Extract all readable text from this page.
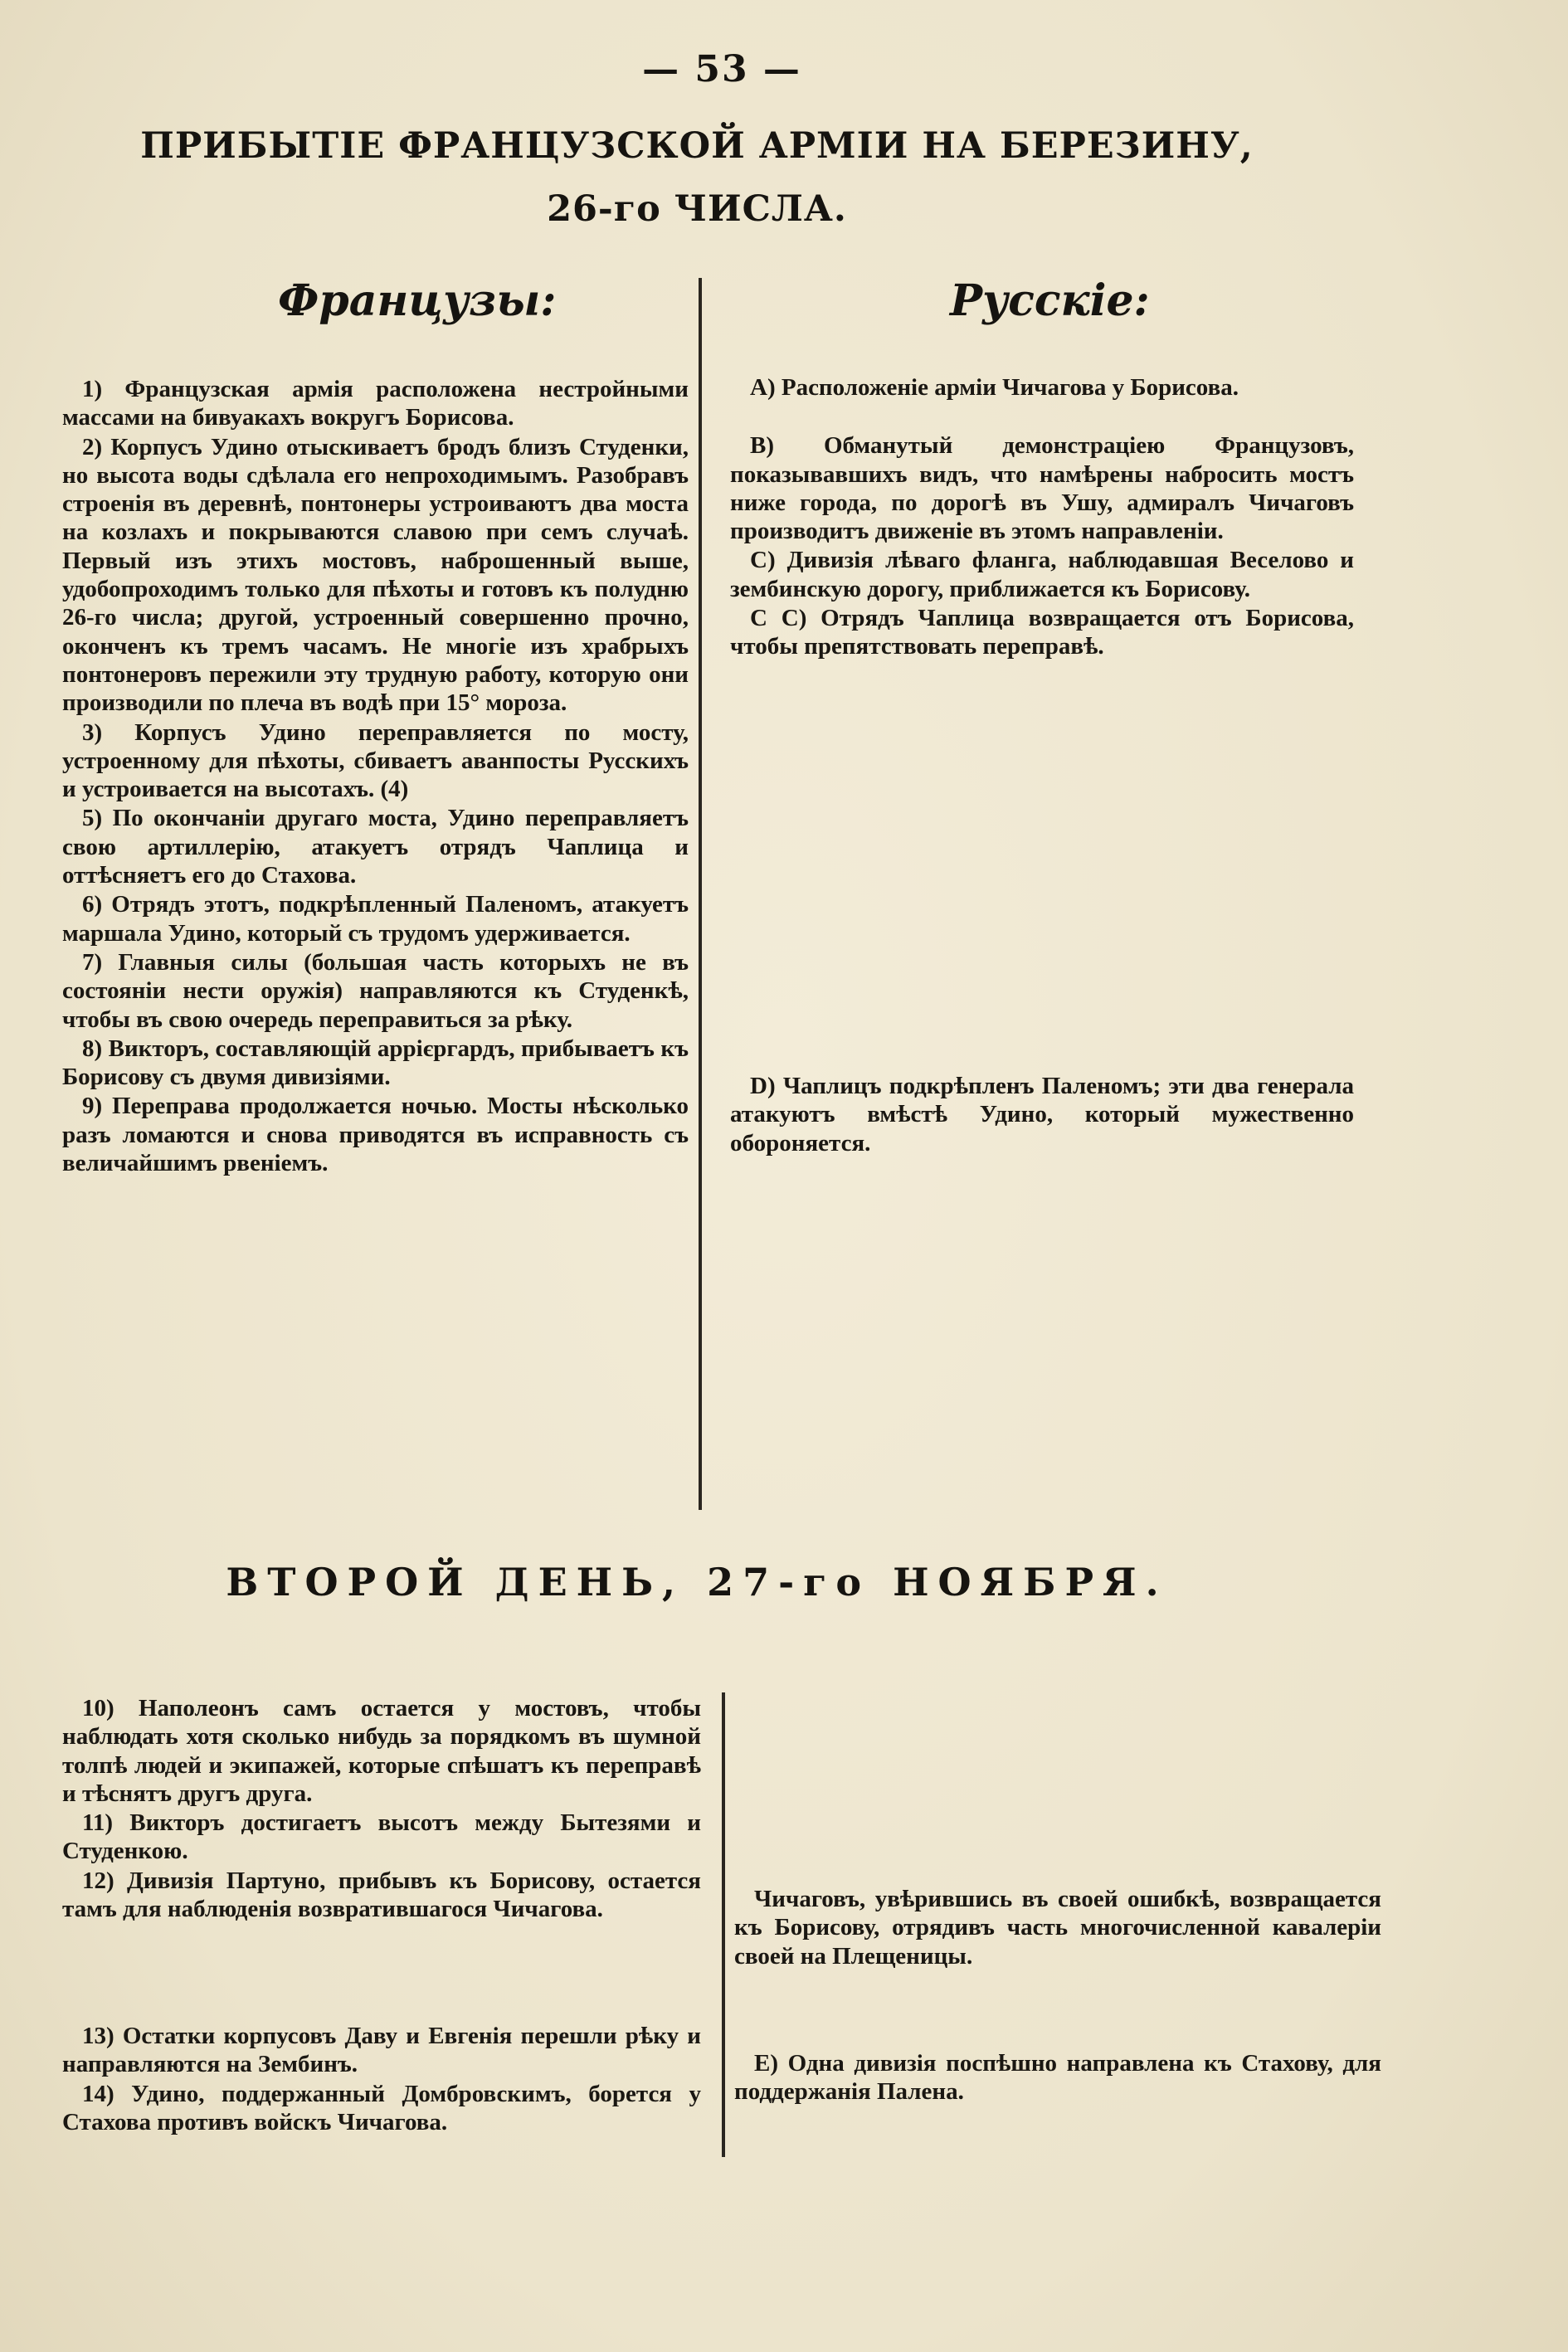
— 53 —
ПРИБЫТІЕ ФРАНЦУЗСКОЙ АРМІИ НА БЕРЕЗИНУ, 26-го ЧИСЛА.
Французы:	Русскіе:

1) Французская армія расположена нестройными массами на бивуакахъ вокругъ Борисова.

2) Корпусъ Удино отыскиваетъ бродъ близъ Студенки, но высота воды сдѣлала его непроходимымъ. Разобравъ строенія въ деревнѣ, понтонеры устроиваютъ два моста на козлахъ и покрываются славою при семъ случаѣ. Первый изъ этихъ мостовъ, наброшенный выше, удобопроходимъ только для пѣхоты и готовъ къ полудню 26-го числа; другой, устроенный совершенно прочно, оконченъ къ тремъ часамъ. Не многіе изъ храбрыхъ понтонеровъ пережили эту трудную работу, которую они производили по плеча въ водѣ при 15° мороза.

3) Корпусъ Удино переправляется по мосту, устроенному для пѣхоты, сбиваетъ аванпосты Русскихъ и устроивается на высотахъ. (4)

5) По окончаніи другаго моста, Удино переправляетъ свою артиллерію, атакуетъ отрядъ Чаплица и оттѣсняетъ его до Стахова.

6) Отрядъ этотъ, подкрѣпленный Паленомъ, атакуетъ маршала Удино, который съ трудомъ удерживается.

7) Главныя силы (большая часть которыхъ не въ состояніи нести оружія) направляются къ Студенкѣ, чтобы въ свою очередь переправиться за рѣку.

8) Викторъ, составляющій аррієргардъ, прибываетъ къ Борисову съ двумя дивизіями.

9) Переправа продолжается ночью. Мосты нѣсколько разъ ломаются и снова приводятся въ исправность съ величайшимъ рвеніемъ.

A) Расположеніе арміи Чичагова у Борисова.

B) Обманутый демонстраціею Французовъ, показывавшихъ видъ, что намѣрены набросить мостъ ниже города, по дорогѣ въ Ушу, адмиралъ Чичаговъ производитъ движеніе въ этомъ направленіи.

C) Дивизія лѣваго фланга, наблюдавшая Веселово и зембинскую дорогу, приближается къ Борисову.

C C) Отрядъ Чаплица возвращается отъ Борисова, чтобы препятствовать переправѣ.

D) Чаплицъ подкрѣпленъ Паленомъ; эти два генерала атакуютъ вмѣстѣ Удино, который мужественно обороняется.

ВТОРОЙ ДЕНЬ, 27-го НОЯБРЯ.

10) Наполеонъ самъ остается у мостовъ, чтобы наблюдать хотя сколько нибудь за порядкомъ въ шумной толпѣ людей и экипажей, которые спѣшатъ къ переправѣ и тѣснятъ другъ друга.

11) Викторъ достигаетъ высотъ между Бытезями и Студенкою.

12) Дивизія Партуно, прибывъ къ Борисову, остается тамъ для наблюденія возвратившагося Чичагова.

13) Остатки корпусовъ Даву и Евгенія перешли рѣку и направляются на Зембинъ.

14) Удино, поддержанный Домбровскимъ, борется у Стахова противъ войскъ Чичагова.

Чичаговъ, увѣрившись въ своей ошибкѣ, возвращается къ Борисову, отрядивъ часть многочисленной кавалеріи своей на Плещеницы.

E) Одна дивизія поспѣшно направлена къ Стахову, для поддержанія Палена.
